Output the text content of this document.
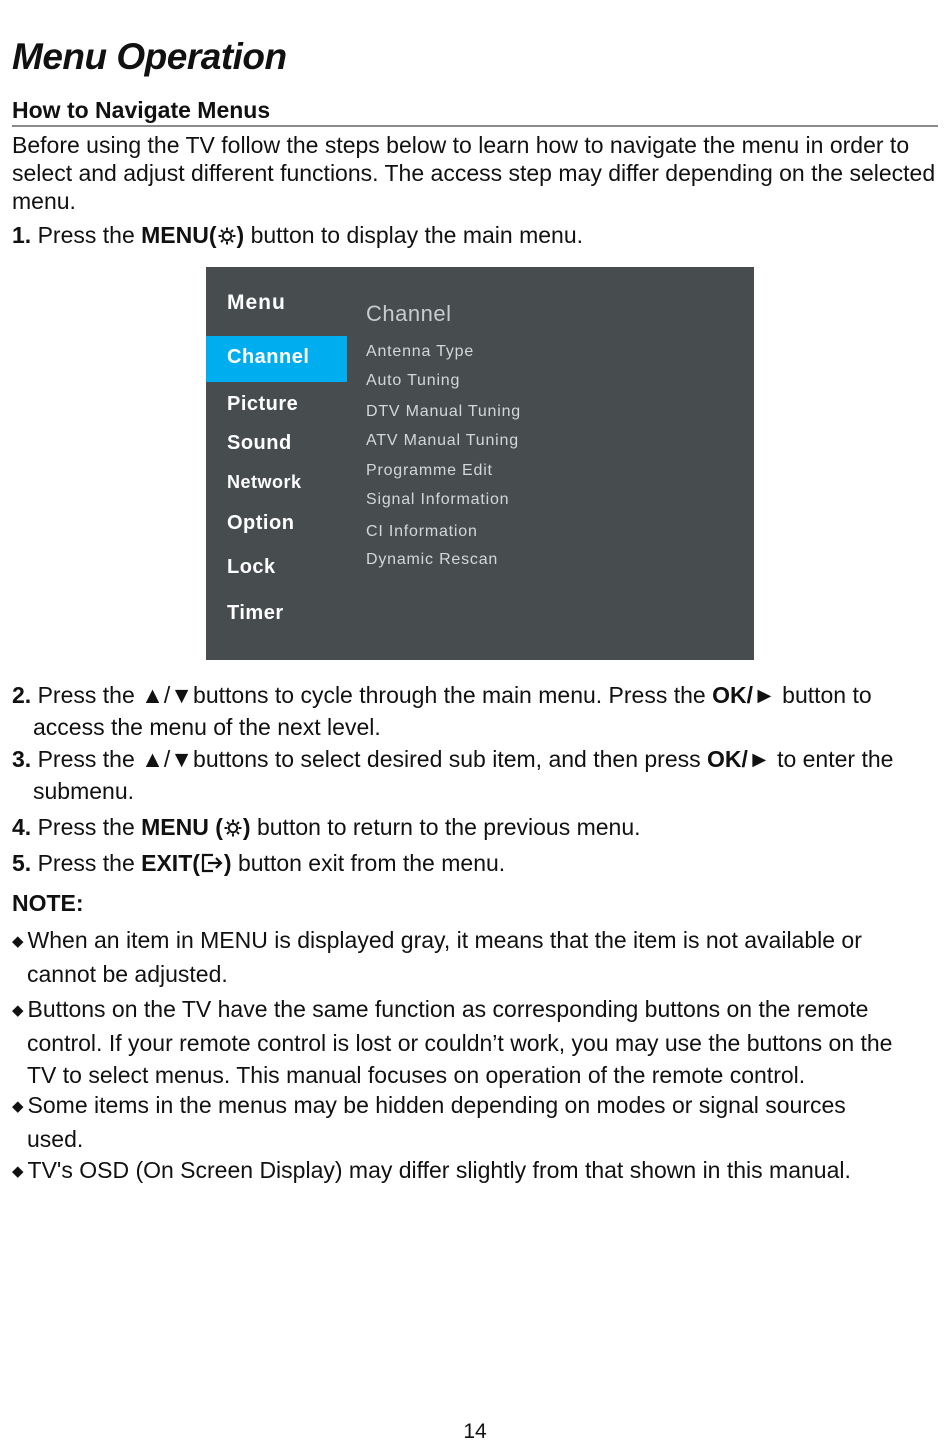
Menu Operation
How to Navigate Menus

Before using the TV follow the steps below to learn how to navigate the menu in order to select and adjust different functions. The access step may differ depending on the selected menu.

1. Press the MENU( ) button to display the main menu.

Menu
Channel
Picture
Sound
Network
Option
Lock
Timer
Channel
Antenna Type
Auto Tuning
DTV Manual Tuning
ATV Manual Tuning
Programme Edit
Signal Information
CI Information
Dynamic Rescan

2. Press the ▲/▼buttons to cycle through the main menu. Press the OK/► button to
access the menu of the next level.

3. Press the ▲/▼buttons to select desired sub item, and then press OK/► to enter the
submenu.

4. Press the MENU ( ) button to return to the previous menu.

5. Press the EXIT( ) button exit from the menu.

NOTE:

◆ When an item in MENU is displayed gray, it means that the item is not available or
cannot be adjusted.

◆ Buttons on the TV have the same function as corresponding buttons on the remote
control. If your remote control is lost or couldn’t work, you may use the buttons on the
TV to select menus. This manual focuses on operation of the remote control.

◆ Some items in the menus may be hidden depending on modes or signal sources
used.

◆ TV's OSD (On Screen Display) may differ slightly from that shown in this manual.

14
